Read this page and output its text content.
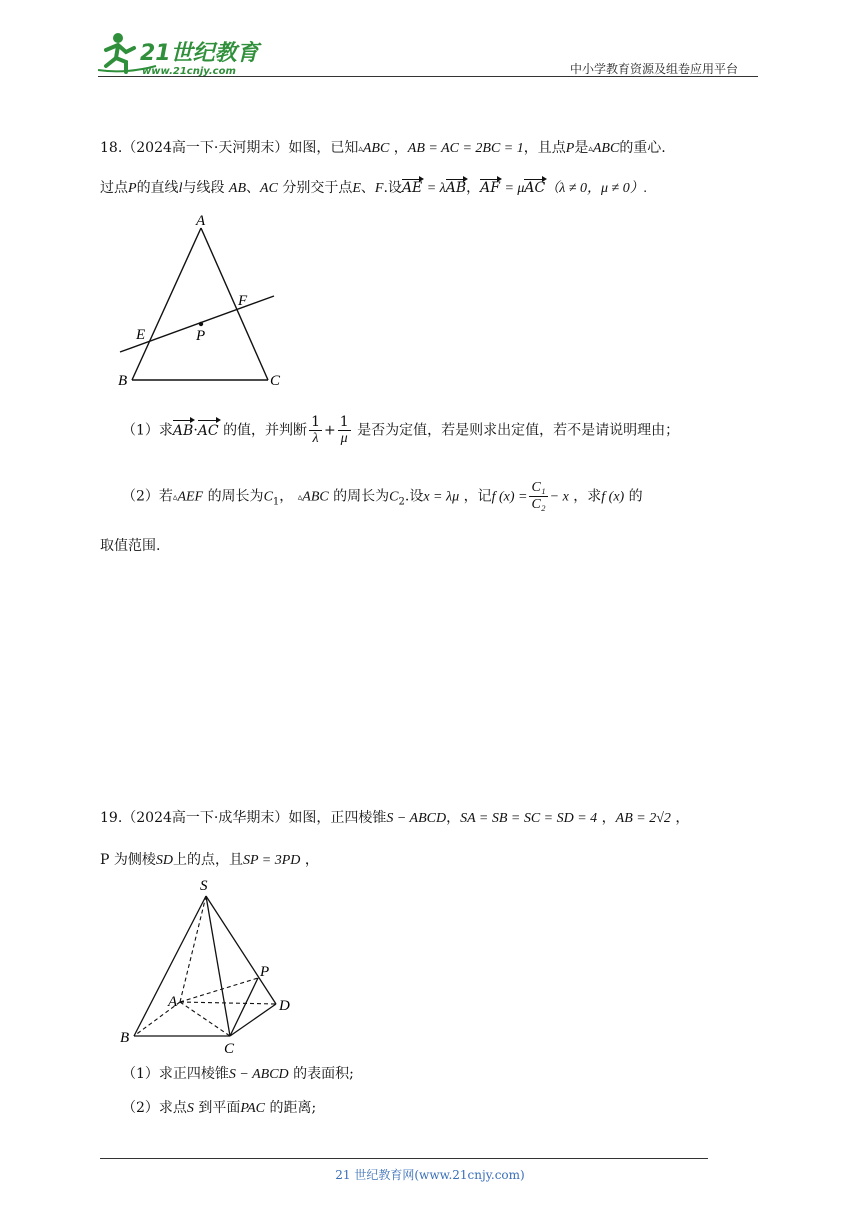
21世纪教育
www.21cnjy.com	中小学教育资源及组卷应用平台
18.（2024高一下·天河期末）如图，已知▵ABC ，AB = AC = 2BC = 1，且点P是▵ABC的重心.
过点P的直线l与线段 AB、AC 分别交于点E、F.设AE = λAB，AF = μAC（λ ≠ 0，μ ≠ 0）.
A
B	C
E
F
P
（1）求AB·AC 的值，并判断 $\frac{1}{\lambda} + \frac{1}{\mu}$ 是否为定值，若是则求出定值，若不是请说明理由；
（2）若▵AEF 的周长为$C_1$， ▵ABC 的周长为$C_2$.设x = λμ ，记f $(x) = \frac{\text{C₁}}{\text{C₂}} - x$ ，求f (x) 的
取值范围.
19.（2024高一下·成华期末）如图，正四棱锥S − ABCD，SA = SB = SC = SD = 4 ，AB = 2√2 ，
P 为侧棱SD上的点，且SP = 3PD ，
S
A
B
C
D
P
（1）求正四棱锥S − ABCD 的表面积;
（2）求点S 到平面PAC 的距离;
21 世纪教育网(www.21cnjy.com)
